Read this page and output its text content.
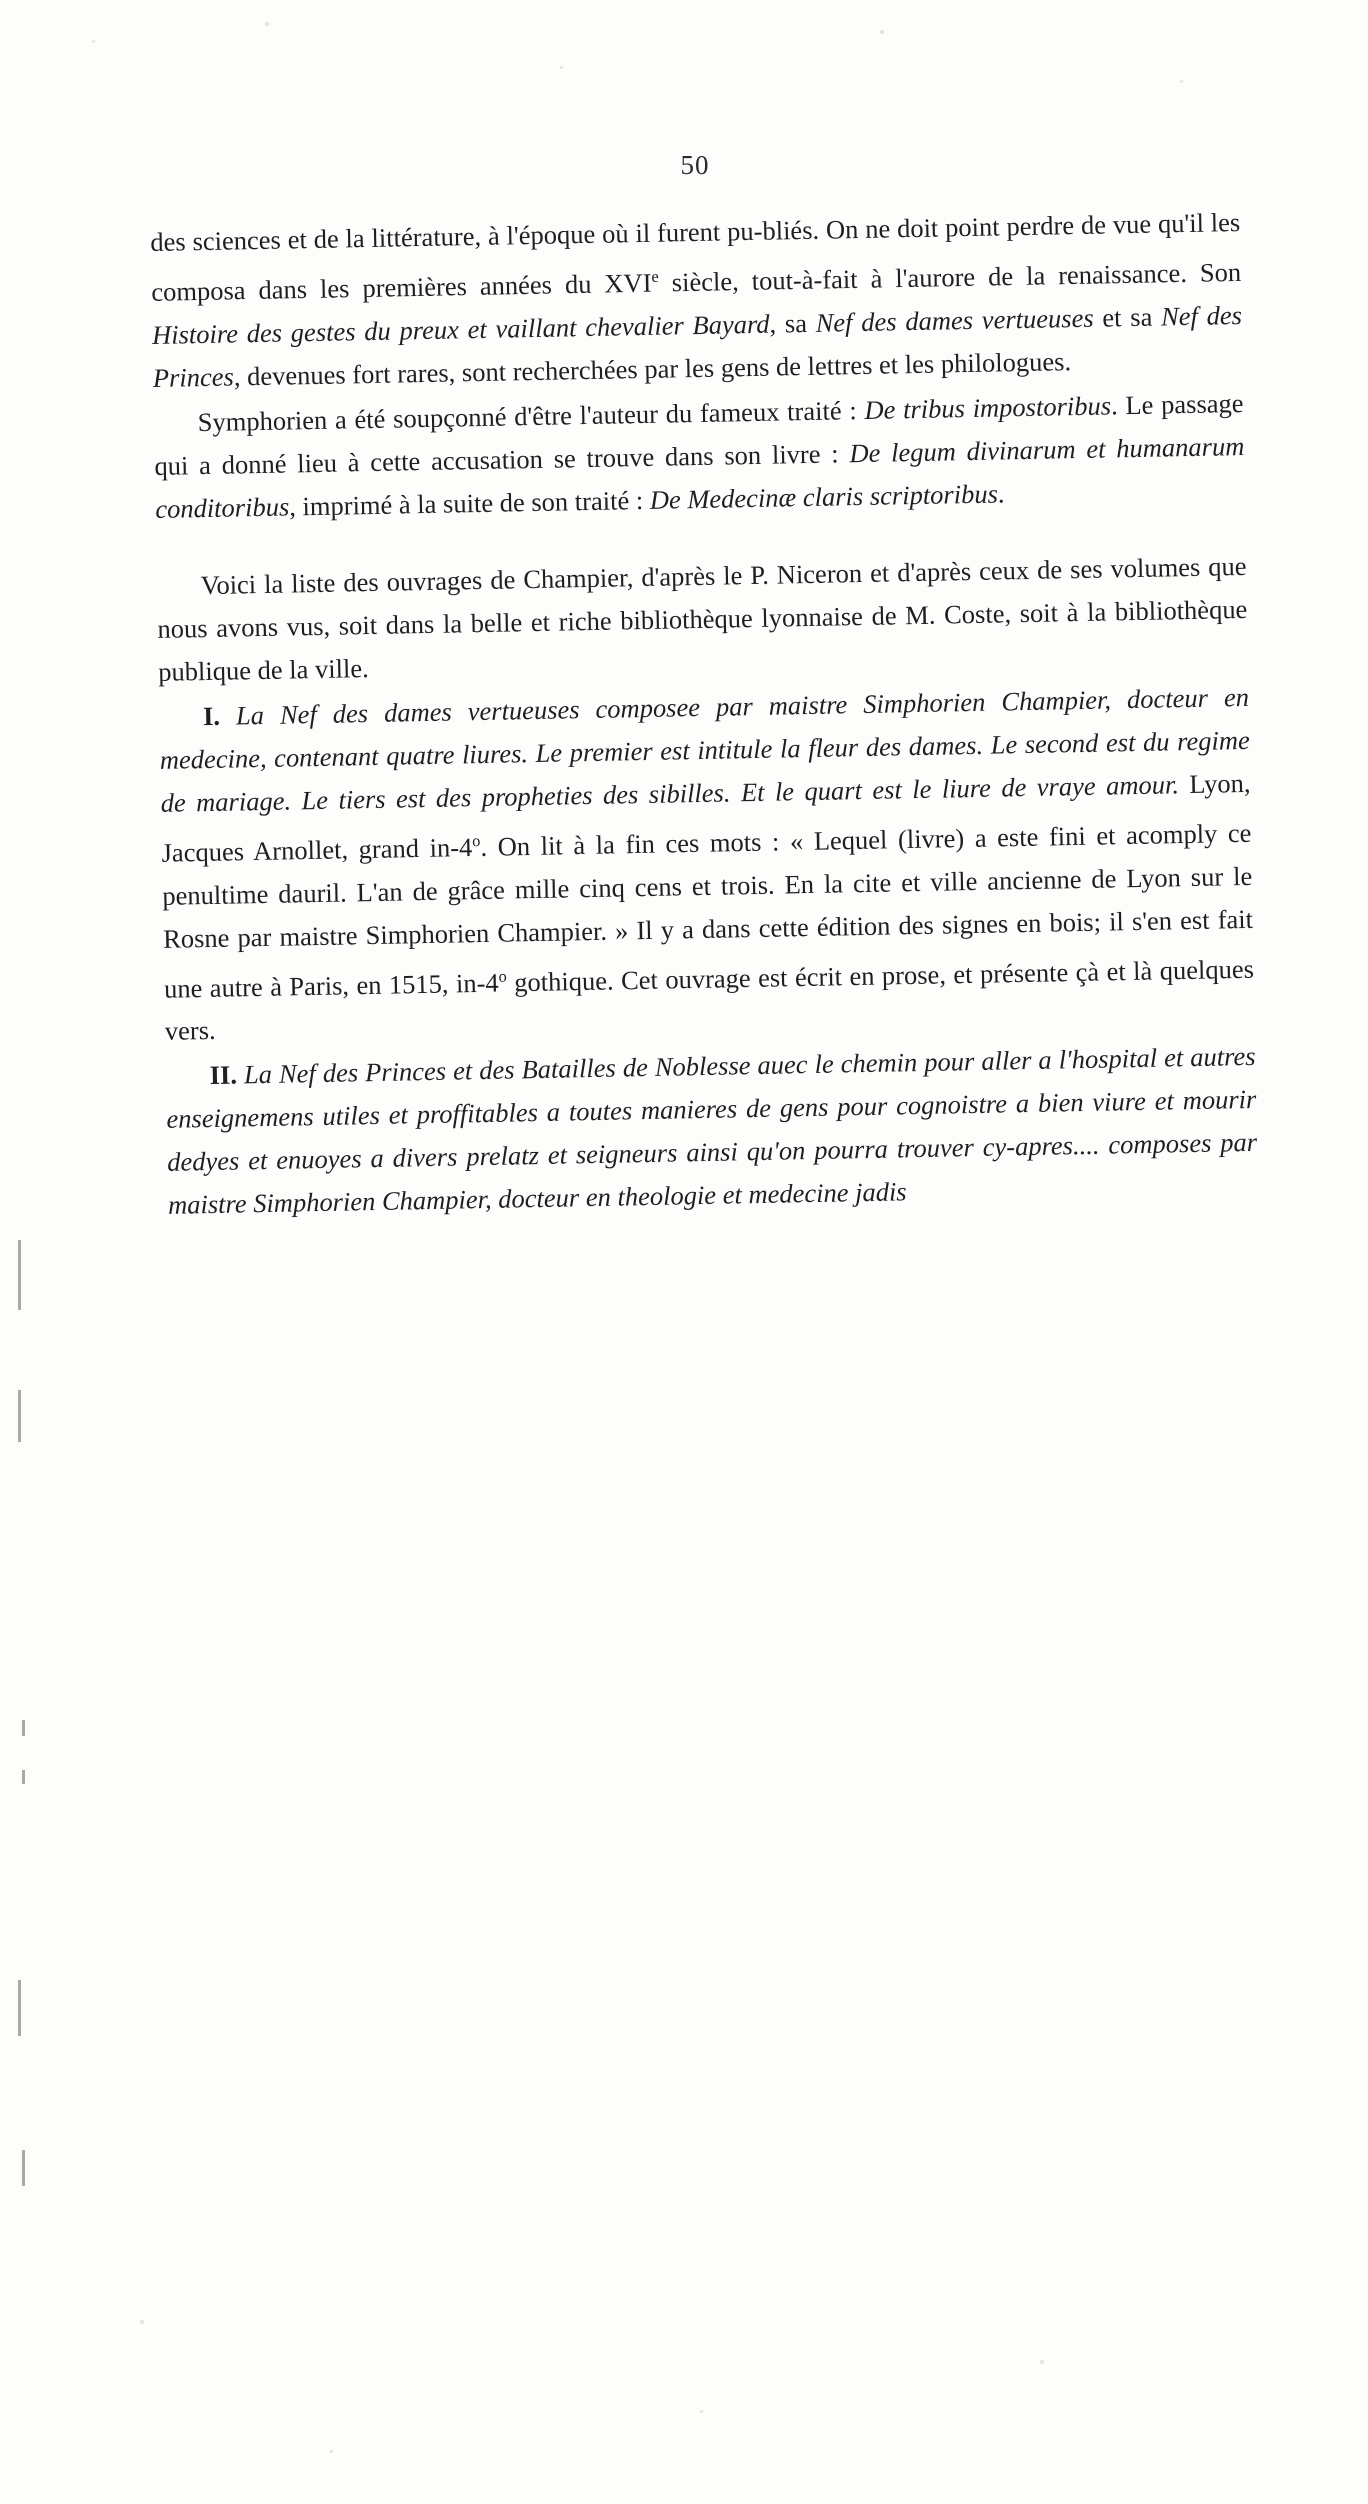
50

des sciences et de la littérature, à l'époque où il furent pu-bliés. On ne doit point perdre de vue qu'il les composa dans les premières années du XVIe siècle, tout-à-fait à l'aurore de la renaissance. Son Histoire des gestes du preux et vaillant chevalier Bayard, sa Nef des dames vertueuses et sa Nef des Princes, devenues fort rares, sont recherchées par les gens de lettres et les philologues.

Symphorien a été soupçonné d'être l'auteur du fameux traité : De tribus impostoribus. Le passage qui a donné lieu à cette accusation se trouve dans son livre : De legum divinarum et humanarum conditoribus, imprimé à la suite de son traité : De Medecinæ claris scriptoribus.

Voici la liste des ouvrages de Champier, d'après le P. Niceron et d'après ceux de ses volumes que nous avons vus, soit dans la belle et riche bibliothèque lyonnaise de M. Coste, soit à la bibliothèque publique de la ville.

I. La Nef des dames vertueuses composee par maistre Simphorien Champier, docteur en medecine, contenant quatre liures. Le premier est intitule la fleur des dames. Le second est du regime de mariage. Le tiers est des propheties des sibilles. Et le quart est le liure de vraye amour. Lyon, Jacques Arnollet, grand in-4$^o$. On lit à la fin ces mots : « Lequel (livre) a este fini et acomply ce penultime dauril. L'an de grâce mille cinq cens et trois. En la cite et ville ancienne de Lyon sur le Rosne par maistre Simphorien Champier. » Il y a dans cette édition des signes en bois; il s'en est fait une autre à Paris, en 1515, in-4$^o$ gothique. Cet ouvrage est écrit en prose, et présente çà et là quelques vers.

II. La Nef des Princes et des Batailles de Noblesse auec le chemin pour aller a l'hospital et autres enseignemens utiles et proffitables a toutes manieres de gens pour cognoistre a bien viure et mourir dedyes et enuoyes a divers prelatz et seigneurs ainsi qu'on pourra trouver cy-apres.... composes par maistre Simphorien Champier, docteur en theologie et medecine jadis
